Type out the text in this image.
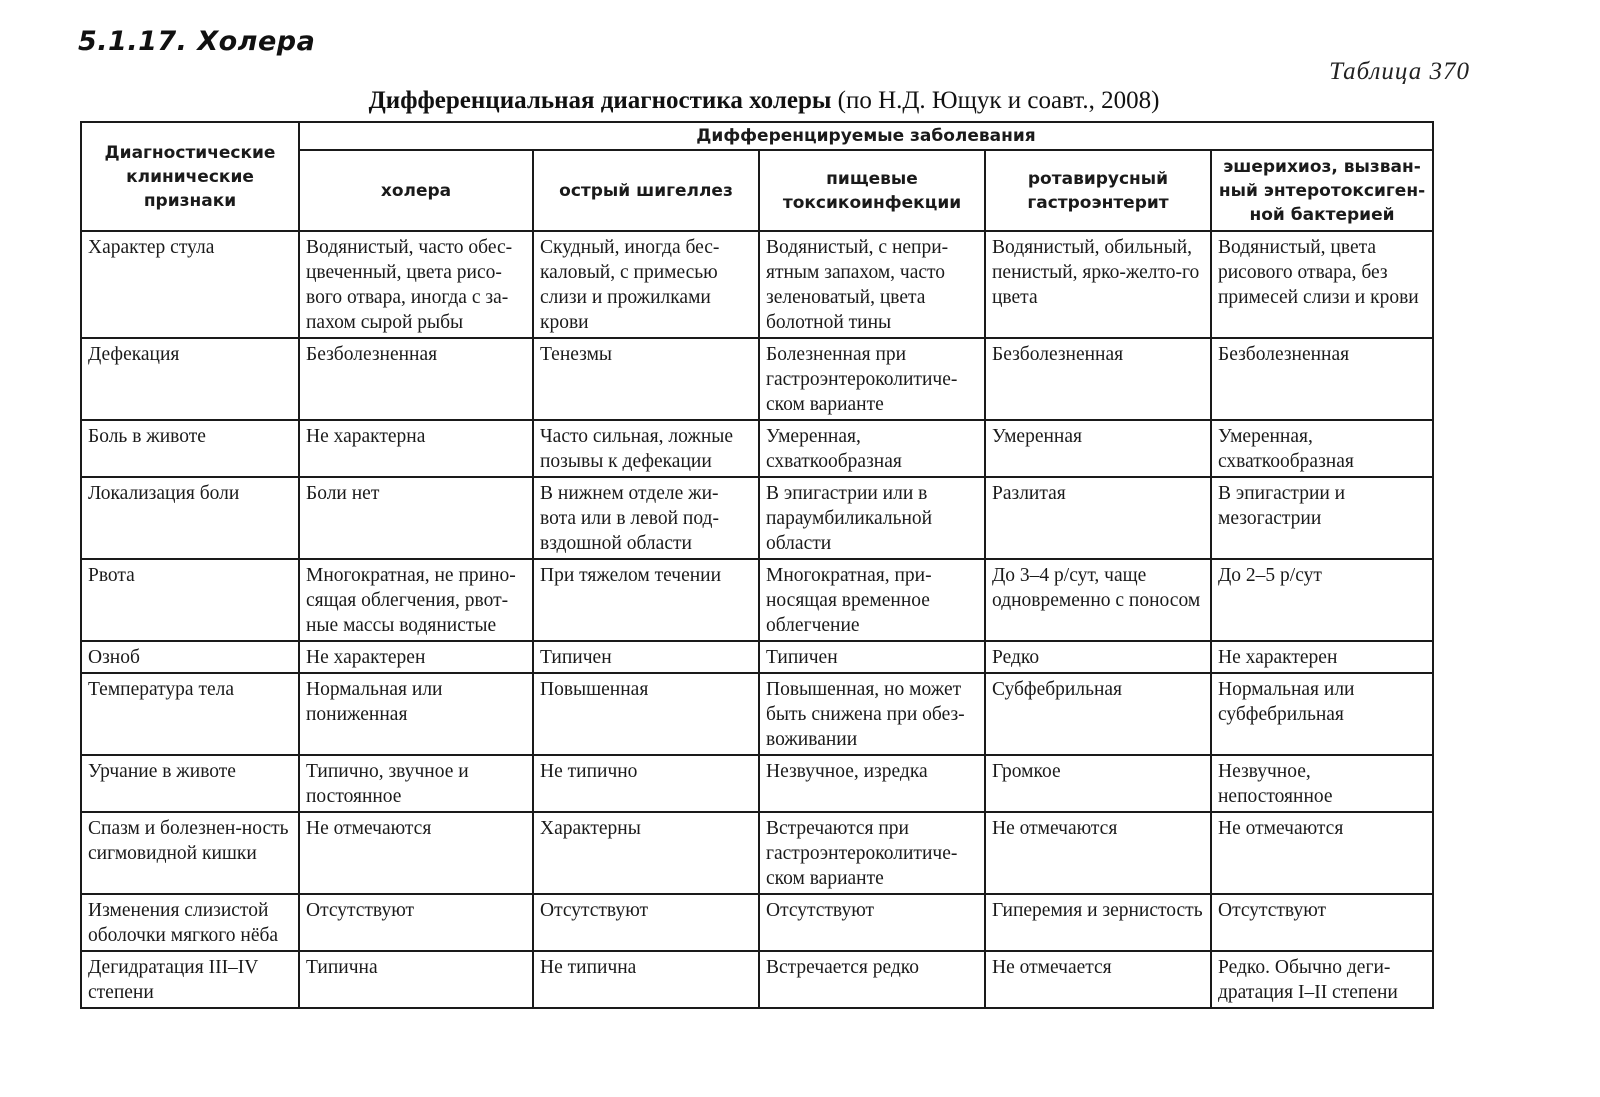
5.1.17. Холера
Таблица 370
Дифференциальная диагностика холеры (по Н.Д. Ющук и соавт., 2008)
Диагностические клинические признаки	Дифференцируемые заболевания				
	холера	острый шигеллез	пищевые токсикоинфекции	ротавирусный гастроэнтерит	эшерихиоз, вызван-ный энтеротоксиген-ной бактерией
Характер стула	Водянистый, часто обес-цвеченный, цвета рисо-вого отвара, иногда с за-пахом сырой рыбы	Скудный, иногда бес-каловый, с примесью слизи и прожилками крови	Водянистый, с непри-ятным запахом, часто зеленоватый, цвета болотной тины	Водянистый, обильный, пенистый, ярко-желто-го цвета	Водянистый, цвета рисового отвара, без примесей слизи и крови
Дефекация	Безболезненная	Тенезмы	Болезненная при гастроэнтероколитиче-ском варианте	Безболезненная	Безболезненная
Боль в животе	Не характерна	Часто сильная, ложные позывы к дефекации	Умеренная, схваткообразная	Умеренная	Умеренная, схваткообразная
Локализация боли	Боли нет	В нижнем отделе жи-вота или в левой под-вздошной области	В эпигастрии или в параумбиликальной области	Разлитая	В эпигастрии и мезогастрии
Рвота	Многократная, не прино-сящая облегчения, рвот-ные массы водянистые	При тяжелом течении	Многократная, при-носящая временное облегчение	До 3–4 р/сут, чаще одновременно с поносом	До 2–5 р/сут
Озноб	Не характерен	Типичен	Типичен	Редко	Не характерен
Температура тела	Нормальная или пониженная	Повышенная	Повышенная, но может быть снижена при обез-воживании	Субфебрильная	Нормальная или субфебрильная
Урчание в животе	Типично, звучное и постоянное	Не типично	Незвучное, изредка	Громкое	Незвучное, непостоянное
Спазм и болезнен-ность сигмовидной кишки	Не отмечаются	Характерны	Встречаются при гастроэнтероколитиче-ском варианте	Не отмечаются	Не отмечаются
Изменения слизистой оболочки мягкого нёба	Отсутствуют	Отсутствуют	Отсутствуют	Гиперемия и зернистость	Отсутствуют
Дегидратация III–IV степени	Типична	Не типична	Встречается редко	Не отмечается	Редко. Обычно деги-дратация I–II степени
